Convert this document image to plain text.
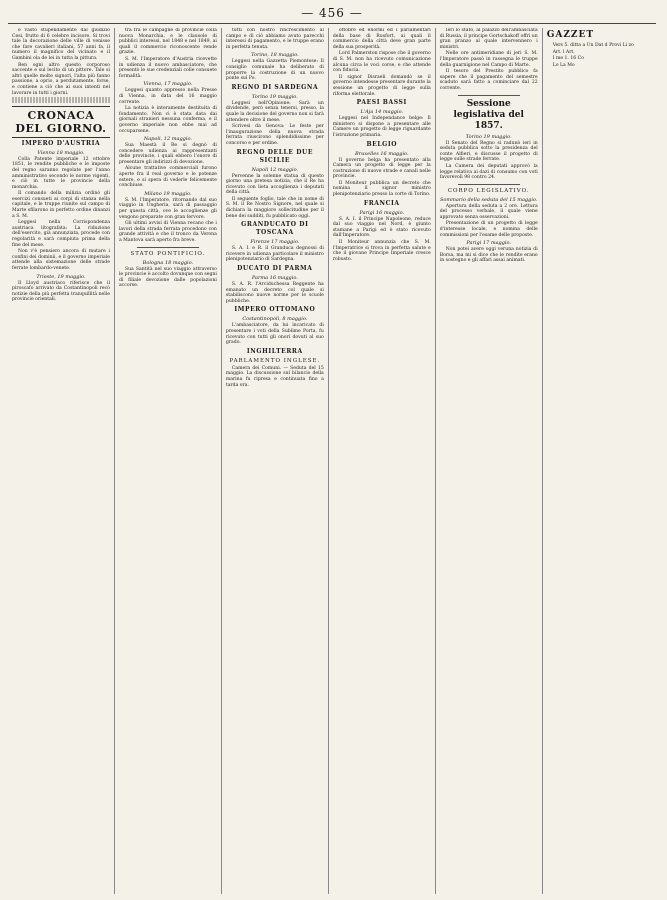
— 456 —

e vasto stupendamente dal giudizio Cesi, frutto di 6 celebre incisore. Si trovi tale la decorazione delle ville di venisse che fare cavalieri italiani, 57 anni fa, il numero il magnifico del vicinato e il Gambini ola de lei in tutta la pittura.

Ben ogni altro questo corporoso saccente e sul lecito di un pittore. Tale si altri quelle molte signori, l'alta più fanno passione, a oprio, a perdutamente, forse, e contiene a ciò che ai suoi intenti nel lavorare in tutti i giorni.

CRONACA DEL GIORNO.
IMPERO D'AUSTRIA
Vienna 18 maggio.

Colla Patente imperiale 12 ottobre 1851, le rendite pubbliche e le imposte del regno saranno regolate per l'anno amministrativo secondo le norme vigenti, e ciò in tutte le provincie della monarchia.

Il comando della milizia ordinò gli esercizi consueti ai corpi di stanza nella capitale, e le truppe riunite sul campo di Marte sfilarono in perfetto ordine dinanzi a S. M.

Leggesi nella Corrispondenza austriaca litografata: La riduzione dell'esercito, già annunziata, procede con regolarità e sarà compiuta prima della fine del mese.

Non v'è pensiero ancora di mutare i confini dei dominii, e il governo imperiale attende alla sistemazione delle strade ferrate lombardo-venete.

Trieste, 19 maggio.

Il Lloyd austriaco riferisce che il piroscafo arrivato da Costantinopoli recò notizie della più perfetta tranquillità nelle provincie orientali.

tra fra le campagne di provincie colla nuova Monarchia, e le clausole di pubblici interessi, nel 1848 e nel 1849, ai quali il commercio riconoscente rende grazie.

S. M. l'Imperatore d'Austria ricevette in udienza il nuovo ambasciatore, che presentò le sue credenziali colle consuete formalità.

Vienna, 17 maggio.

Leggesi quanto appresso nella Presse di Vienna, in data del 16 maggio corrente.

La notizia è interamente destituita di fondamento. Non ci è stata data dai giornali stranieri nessuna conferma, e il governo imperiale non ebbe mai ad occuparsene.

Napoli, 12 maggio.

Sua Maestà il Re si degnò di concedere udienza ai rappresentanti delle provincie, i quali ebbero l'onore di presentare gli indirizzi di devozione.

Alcune trattative commerciali furono aperte fra il real governo e le potenze estere, e si spera di vederle felicemente conchiuse.

Milano 19 maggio.

S. M. l'Imperatore, ritornando dal suo viaggio in Ungheria, sarà di passaggio per questa città, ove le accoglienze gli vengono preparate con gran fervore.

Gli ultimi avvisi di Vienna recano che i lavori della strada ferrata procedono con grande attività e che il tronco da Verona a Mantova sarà aperto fra breve.

STATO PONTIFICIO.
Bologna 18 maggio.

Sua Santità nel suo viaggio attraverso le provincie è accolto dovunque con segni di filiale devozione dalle popolazioni accorse.

tutti con nostro rincrescimento al campo e di ciò abbiamo avuto parecchi interessi di pagamento, e le truppe erano in perfetta tenuta.

Torino, 18 maggio.

Leggesi nella Gazzetta Piemontese: Il consiglio comunale ha deliberato di proporre la costruzione di un nuovo ponte sul Po.

REGNO DI SARDEGNA
Torino 19 maggio.

Leggesi nell'Opinione: Sarà un dividende, però senza tenersi, presso, la quale la decisione del governo non si farà attendere oltre il mese.

Scrivesi da Genova: Le feste per l'inaugurazione della nuova strada ferrata riuscirono splendidissime per concorso e per ordine.

REGNO DELLE DUE SICILIE
Napoli 12 maggio.

Pervenne la solenne statua di questo giorno una pretesa notizia, che il Re ha ricevuto con lieta accoglienza i deputati della città.

Il seguente foglio, tale che in nome di S. M. il Re Nostro Signore, nel quale si dichiara la maggiore sollecitudine per il bene dei sudditi, fu pubblicato oggi.

GRANDUCATO DI TOSCANA
Firenze 17 maggio.

S. A. I. e R. il Granduca degnossi di ricevere in udienza particolare il ministro plenipotenziario di Sardegna.

DUCATO DI PARMA
Parma 16 maggio.

S. A. R. l'Arciduchessa Reggente ha emanato un decreto col quale si stabiliscono nuove norme per le scuole pubbliche.

IMPERO OTTOMANO
Costantinopoli, 8 maggio.

L'ambasciatore, da lui incaricato di presentare i voti della Sublime Porta, fu ricevuto con tutti gli onori dovuti al suo grado.

INGHILTERRA
PARLAMENTO INGLESE.

Camera dei Comuni. — Seduta del 15 maggio. La discussione sul bilancio della marina fu ripresa e continuata fino a tarda ora.

ottobre ed enormi ed i parlamentari della base di Rusfort, ai quali il commercio della città deve gran parte della sua prosperità.

Lord Palmerston rispose che il governo di S. M. non ha ricevuto comunicazione alcuna circa le voci corse, e che attende con fiducia.

Il signor Disraeli domandò se il governo intendesse presentare durante la sessione un progetto di legge sulla riforma elettorale.

PAESI BASSI
L'Aja 14 maggio.

Leggesi nel Independance belge: Il ministero si dispone a presentare alle Camere un progetto di legge riguardante l'istruzione primaria.

BELGIO
Bruxelles 16 maggio.

Il governo belga ha presentato alla Camera un progetto di legge per la costruzione di nuove strade e canali nelle provincie.

Il Moniteur pubblica un decreto che nomina il signor ministro plenipotenziario presso la corte di Torino.

FRANCIA
Parigi 16 maggio.

S. A. I. il Principe Napoleone, reduce dal suo viaggio nel Nord, è giunto stamane a Parigi ed è stato ricevuto dall'Imperatore.

Il Moniteur annunzia che S. M. l'Imperatrice si trova in perfetta salute e che il giovane Principe Imperiale cresce robusto.

Ieri lo stato, al palazzo dell'ambasciata di Russia, il principe Gortschakoff offrì un gran pranzo al quale intervennero i ministri.

Nelle ore antimeridiane di jeri S. M. l'Imperatore passò in rassegna le truppe della guarnigione nel Campo di Marte.

Il tesoro del Prestito pubblico fa sapere che il pagamento del semestre scaduto sarà fatto a cominciare dal 22 corrente.

Sessione legislativa del 1857.
Torino 19 maggio.

Il Senato del Regno si radunò ieri in seduta pubblica sotto la presidenza del conte Alfieri, e discusse il progetto di legge sulle strade ferrate.

La Camera dei deputati approvò la legge relativa ai dazi di consumo con voti favorevoli 98 contro 24.

CORPO LEGISLATIVO.
Sommario della seduta del 15 maggio.

Apertura della seduta a 2 ore. Lettura del processo verbale, il quale viene approvato senza osservazioni.

Presentazione di un progetto di legge d'interesse locale, e nomina delle commissioni per l'esame delle proposte.

Parigi 17 maggio.

Non potei avere oggi veruna notizia di Borsa, ma mi si dice che le rendite erano in sostegno e gli affari assai animati.

GAZZET

Vers 5. ditta a Un Dat d Provi Li zo

Art. l Art.

I me 1. 16 Co

Lo La Mo
